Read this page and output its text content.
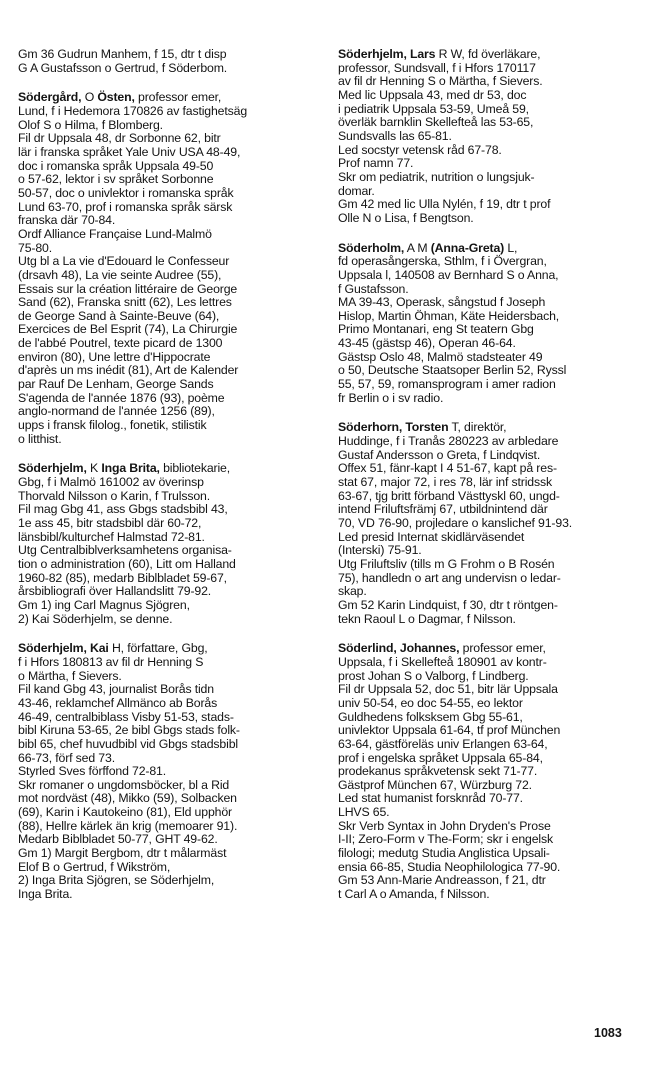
Gm 36 Gudrun Manhem, f 15, dtr t disp

G A Gustafsson o Gertrud, f Söderbom.

Södergård, O Östen, professor emer,

Lund, f i Hedemora 170826 av fastighetsäg

Olof S o Hilma, f Blomberg.

Fil dr Uppsala 48, dr Sorbonne 62, bitr

lär i franska språket Yale Univ USA 48-49,

doc i romanska språk Uppsala 49-50

o 57-62, lektor i sv språket Sorbonne

50-57, doc o univlektor i romanska språk

Lund 63-70, prof i romanska språk särsk

franska där 70-84.

Ordf Alliance Française Lund-Malmö

75-80.

Utg bl a La vie d'Edouard le Confesseur

(drsavh 48), La vie seinte Audree (55),

Essais sur la création littéraire de George

Sand (62), Franska snitt (62), Les lettres

de George Sand à Sainte-Beuve (64),

Exercices de Bel Esprit (74), La Chirurgie

de l'abbé Poutrel, texte picard de 1300

environ (80), Une lettre d'Hippocrate

d'après un ms inédit (81), Art de Kalender

par Rauf De Lenham, George Sands

S'agenda de l'année 1876 (93), poème

anglo-normand de l'année 1256 (89),

upps i fransk filolog., fonetik, stilistik

o litthist.

Söderhjelm, K Inga Brita, bibliotekarie,

Gbg, f i Malmö 161002 av överinsp

Thorvald Nilsson o Karin, f Trulsson.

Fil mag Gbg 41, ass Gbgs stadsbibl 43,

1e ass 45, bitr stadsbibl där 60-72,

länsbibl/kulturchef Halmstad 72-81.

Utg Centralbiblverksamhetens organisa-

tion o administration (60), Litt om Halland

1960-82 (85), medarb Biblbladet 59-67,

årsbibliografi över Hallandslitt 79-92.

Gm 1) ing Carl Magnus Sjögren,

2) Kai Söderhjelm, se denne.

Söderhjelm, Kai H, författare, Gbg,

f i Hfors 180813 av fil dr Henning S

o Märtha, f Sievers.

Fil kand Gbg 43, journalist Borås tidn

43-46, reklamchef Allmänco ab Borås

46-49, centralbiblass Visby 51-53, stads-

bibl Kiruna 53-65, 2e bibl Gbgs stads folk-

bibl 65, chef huvudbibl vid Gbgs stadsbibl

66-73, förf sed 73.

Styrled Sves förffond 72-81.

Skr romaner o ungdomsböcker, bl a Rid

mot nordväst (48), Mikko (59), Solbacken

(69), Karin i Kautokeino (81), Eld upphör

(88), Hellre kärlek än krig (memoarer 91).

Medarb Biblbladet 50-77, GHT 49-62.

Gm 1) Margit Bergbom, dtr t målarmäst

Elof B o Gertrud, f Wikström,

2) Inga Brita Sjögren, se Söderhjelm,

Inga Brita.

Söderhjelm, Lars R W, fd överläkare,

professor, Sundsvall, f i Hfors 170117

av fil dr Henning S o Märtha, f Sievers.

Med lic Uppsala 43, med dr 53, doc

i pediatrik Uppsala 53-59, Umeå 59,

överläk barnklin Skellefteå las 53-65,

Sundsvalls las 65-81.

Led socstyr vetensk råd 67-78.

Prof namn 77.

Skr om pediatrik, nutrition o lungsjuk-

domar.

Gm 42 med lic Ulla Nylén, f 19, dtr t prof

Olle N o Lisa, f Bengtson.

Söderholm, A M (Anna-Greta) L,

fd operasångerska, Sthlm, f i Övergran,

Uppsala l, 140508 av Bernhard S o Anna,

f Gustafsson.

MA 39-43, Operask, sångstud f Joseph

Hislop, Martin Öhman, Käte Heidersbach,

Primo Montanari, eng St teatern Gbg

43-45 (gästsp 46), Operan 46-64.

Gästsp Oslo 48, Malmö stadsteater 49

o 50, Deutsche Staatsoper Berlin 52, Ryssl

55, 57, 59, romansprogram i amer radion

fr Berlin o i sv radio.

Söderhorn, Torsten T, direktör,

Huddinge, f i Tranås 280223 av arbledare

Gustaf Andersson o Greta, f Lindqvist.

Offex 51, fänr-kapt I 4 51-67, kapt på res-

stat 67, major 72, i res 78, lär inf stridssk

63-67, tjg britt förband Västtyskl 60, ungd-

intend Friluftsfrämj 67, utbildnintend där

70, VD 76-90, projledare o kanslichef 91-93.

Led presid Internat skidlärväsendet

(Interski) 75-91.

Utg Friluftsliv (tills m G Frohm o B Rosén

75), handledn o art ang undervisn o ledar-

skap.

Gm 52 Karin Lindquist, f 30, dtr t röntgen-

tekn Raoul L o Dagmar, f Nilsson.

Söderlind, Johannes, professor emer,

Uppsala, f i Skellefteå 180901 av kontr-

prost Johan S o Valborg, f Lindberg.

Fil dr Uppsala 52, doc 51, bitr lär Uppsala

univ 50-54, eo doc 54-55, eo lektor

Guldhedens folksksem Gbg 55-61,

univlektor Uppsala 61-64, tf prof München

63-64, gästföreläs univ Erlangen 63-64,

prof i engelska språket Uppsala 65-84,

prodekanus språkvetensk sekt 71-77.

Gästprof München 67, Würzburg 72.

Led stat humanist forsknråd 70-77.

LHVS 65.

Skr Verb Syntax in John Dryden's Prose

I-II; Zero-Form v The-Form; skr i engelsk

filologi; medutg Studia Anglistica Upsali-

ensia 66-85, Studia Neophilologica 77-90.

Gm 53 Ann-Marie Andreasson, f 21, dtr

t Carl A o Amanda, f Nilsson.

1083
